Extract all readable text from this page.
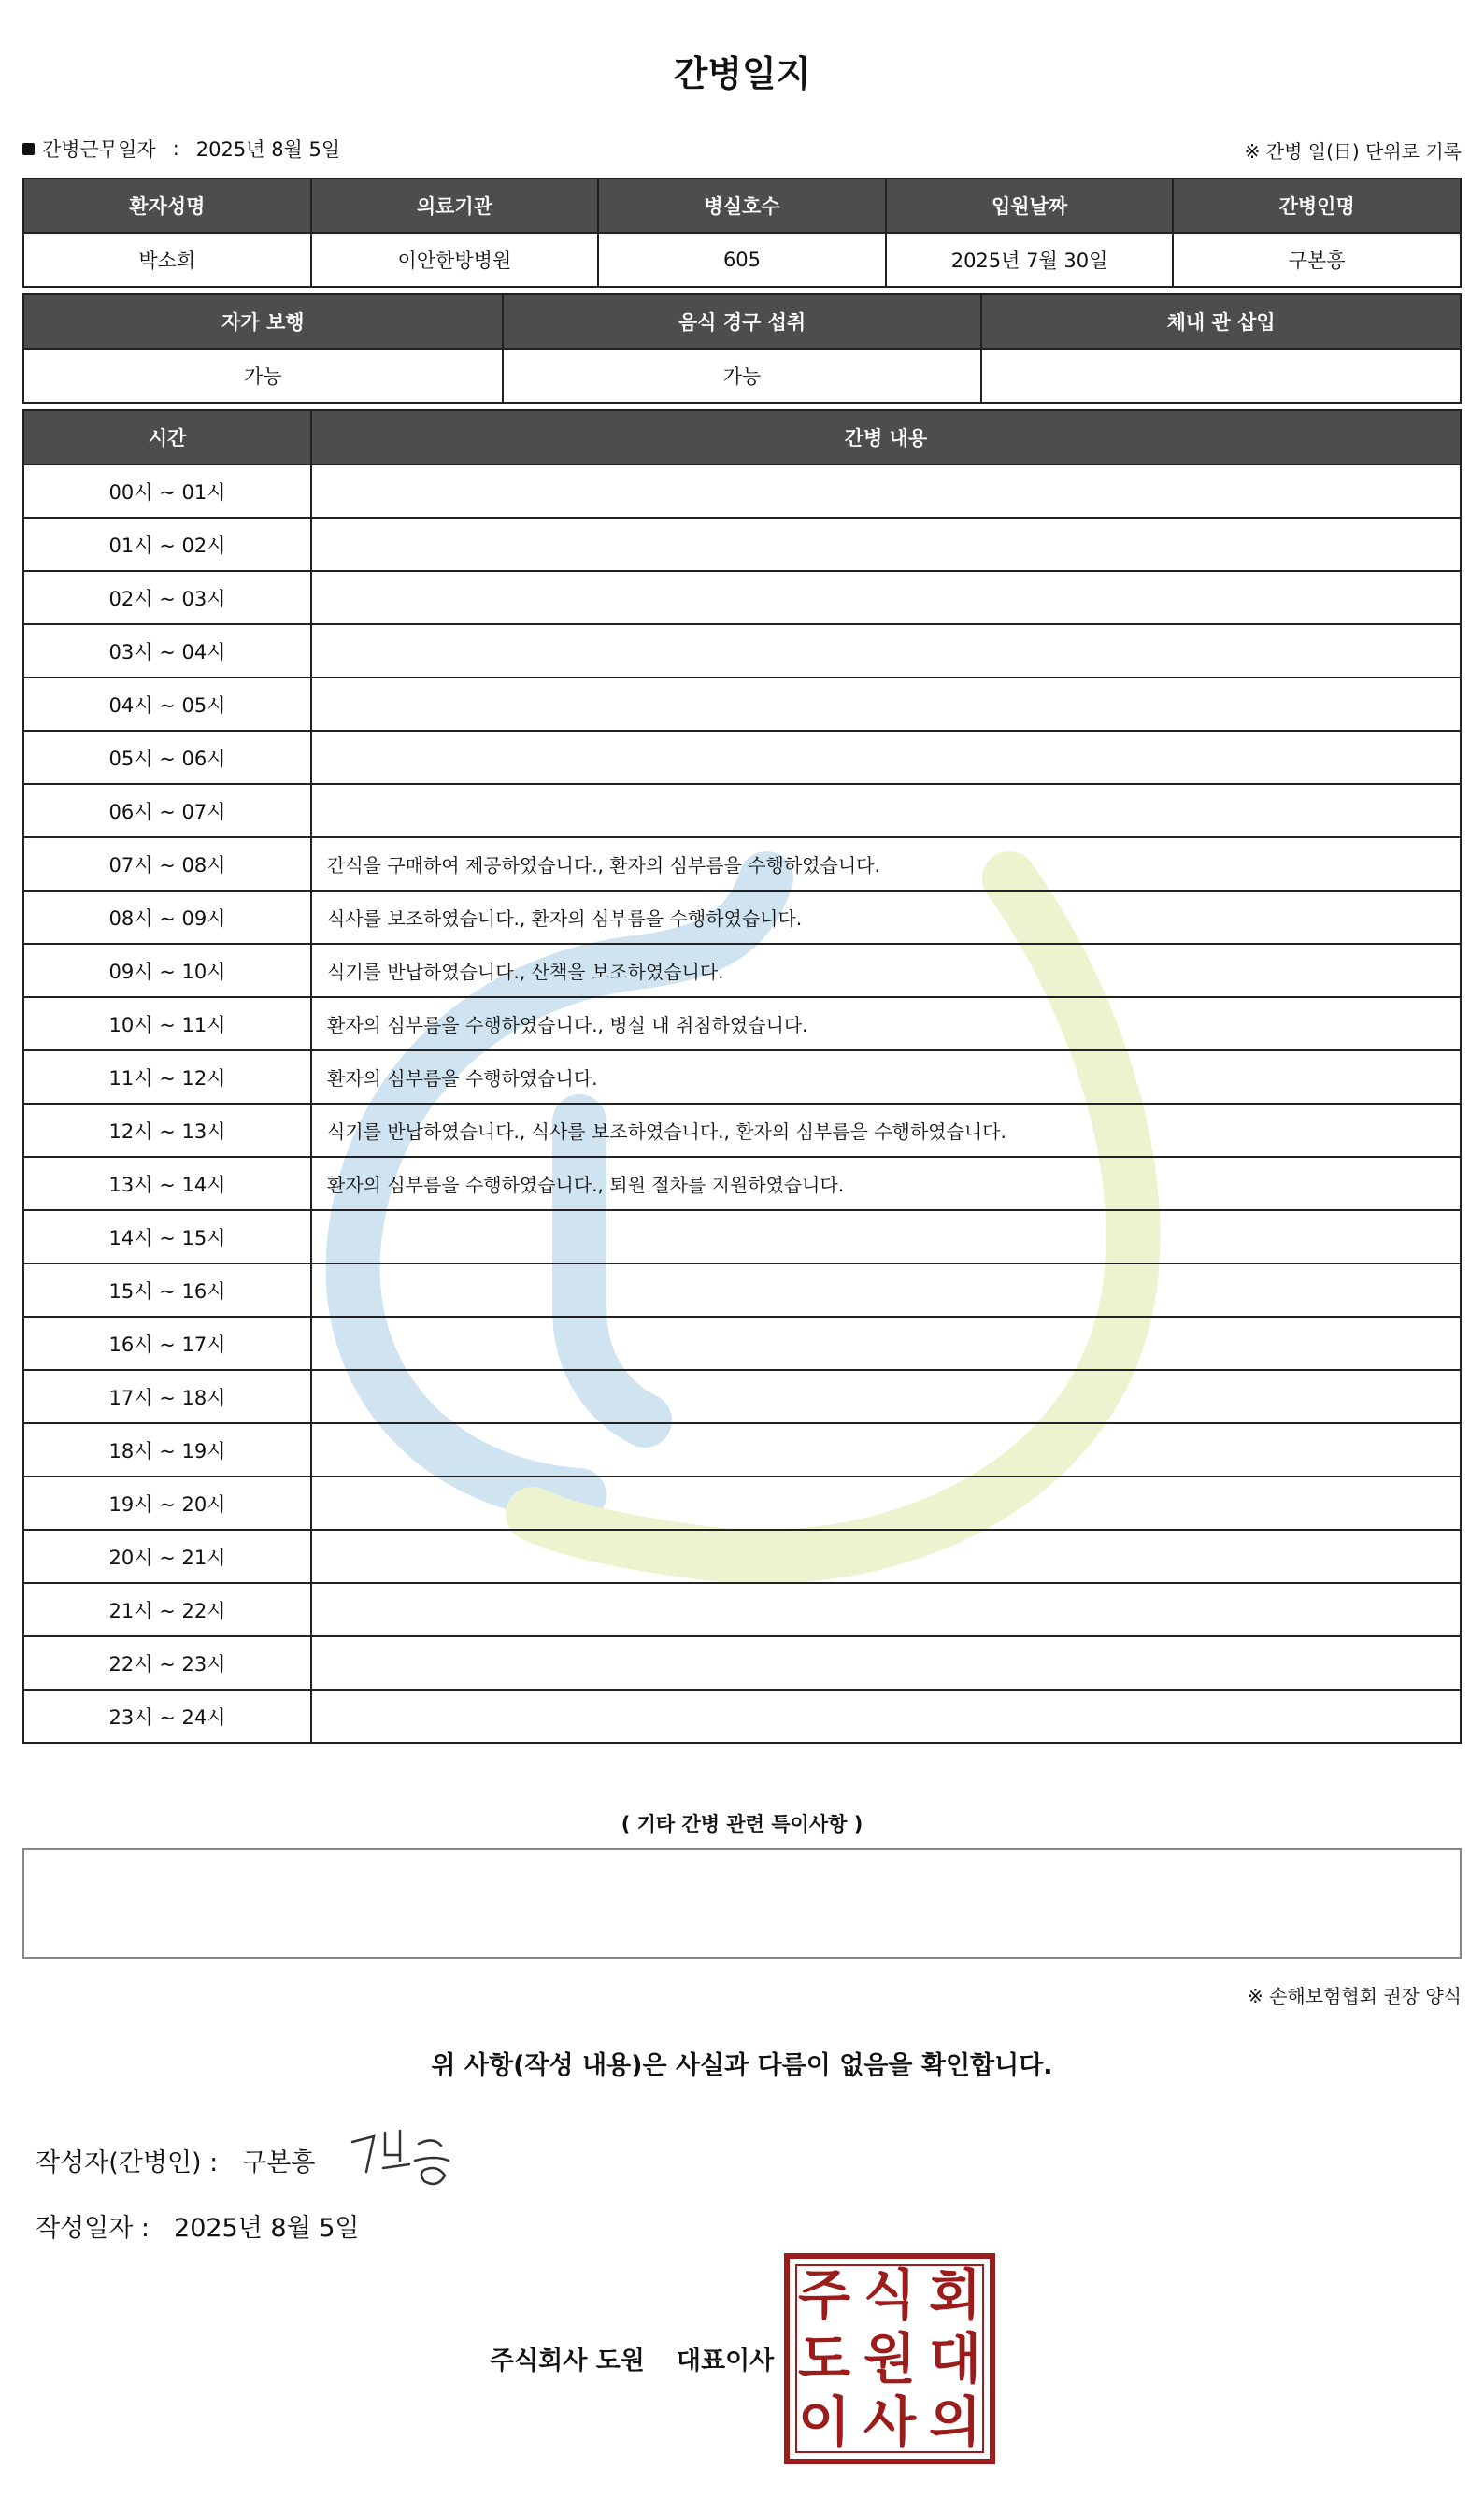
간병일지
간병근무일자 : 2025년 8월 5일	※ 간병 일(日) 단위로 기록
환자성명	의료기관	병실호수	입원날짜	간병인명
박소희	이안한방병원	605	2025년 7월 30일	구본흥
자가 보행	음식 경구 섭취	체내 관 삽입
가능	가능	
시간	간병 내용
00시 ~ 01시	
01시 ~ 02시	
02시 ~ 03시	
03시 ~ 04시	
04시 ~ 05시	
05시 ~ 06시	
06시 ~ 07시	
07시 ~ 08시	간식을 구매하여 제공하였습니다., 환자의 심부름을 수행하였습니다.
08시 ~ 09시	식사를 보조하였습니다., 환자의 심부름을 수행하였습니다.
09시 ~ 10시	식기를 반납하였습니다., 산책을 보조하였습니다.
10시 ~ 11시	환자의 심부름을 수행하였습니다., 병실 내 취침하였습니다.
11시 ~ 12시	환자의 심부름을 수행하였습니다.
12시 ~ 13시	식기를 반납하였습니다., 식사를 보조하였습니다., 환자의 심부름을 수행하였습니다.
13시 ~ 14시	환자의 심부름을 수행하였습니다., 퇴원 절차를 지원하였습니다.
14시 ~ 15시	
15시 ~ 16시	
16시 ~ 17시	
17시 ~ 18시	
18시 ~ 19시	
19시 ~ 20시	
20시 ~ 21시	
21시 ~ 22시	
22시 ~ 23시	
23시 ~ 24시	
( 기타 간병 관련 특이사항 )
※ 손해보험협회 권장 양식
위 사항(작성 내용)은 사실과 다름이 없음을 확인합니다.
작성자(간병인) : 구본흥
작성일자 : 2025년 8월 5일
주식회사 도원 대표이사
주 식 회
도 원 대
이 사 의
